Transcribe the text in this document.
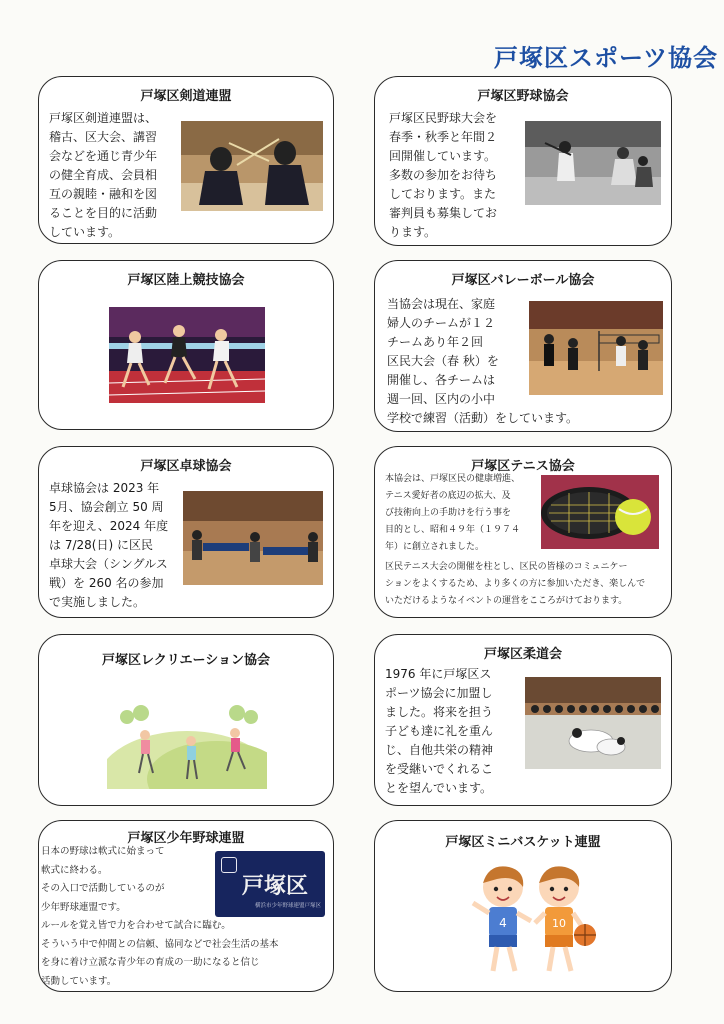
戸塚区スポーツ協会
戸塚区剣道連盟
戸塚区剣道連盟は、
稽古、区大会、講習
会などを通じ青少年
の健全育成、会員相
互の親睦・融和を図
ることを目的に活動
しています。
戸塚区野球協会
戸塚区民野球大会を
春季・秋季と年間２
回開催しています。
多数の参加をお待ち
しております。また
審判員も募集してお
ります。
戸塚区陸上競技協会	戸塚区バレーボール協会
当協会は現在、家庭
婦人のチームが１２
チームあり年２回
区民大会（春 秋）を
開催し、各チームは
週一回、区内の小中
学校で練習（活動）をしています。
戸塚区卓球協会
卓球協会は 2023 年
5月、協会創立 50 周
年を迎え、2024 年度
は 7/28(日) に区民
卓球大会（シングルス
戦）を 260 名の参加
で実施しました。
戸塚区テニス協会
本協会は、戸塚区民の健康増進、
テニス愛好者の底辺の拡大、及
び技術向上の手助けを行う事を
目的とし、昭和４９年（１９７４
年）に創立されました。
区民テニス大会の開催を柱とし、区民の皆様のコミュニケー
ションをよくするため、より多くの方に参加いただき、楽しんで
いただけるようなイベントの運営をこころがけております。
戸塚区レクリエーション協会	戸塚区柔道会
1976 年に戸塚区ス
ポーツ協会に加盟し
ました。将来を担う
子ども達に礼を重ん
じ、自他共栄の精神
を受継いでくれるこ
とを望んでいます。
戸塚区少年野球連盟
日本の野球は軟式に始まって
軟式に終わる。
その入口で活動しているのが
少年野球連盟です。
ルールを覚え皆で力を合わせて試合に臨む。
そういう中で仲間との信頼、協同などで社会生活の基本
を身に着け立派な青少年の育成の一助になると信じ
活動しています。
戸塚区
横浜市少年野球連盟戸塚区
戸塚区ミニバスケット連盟
4	10
